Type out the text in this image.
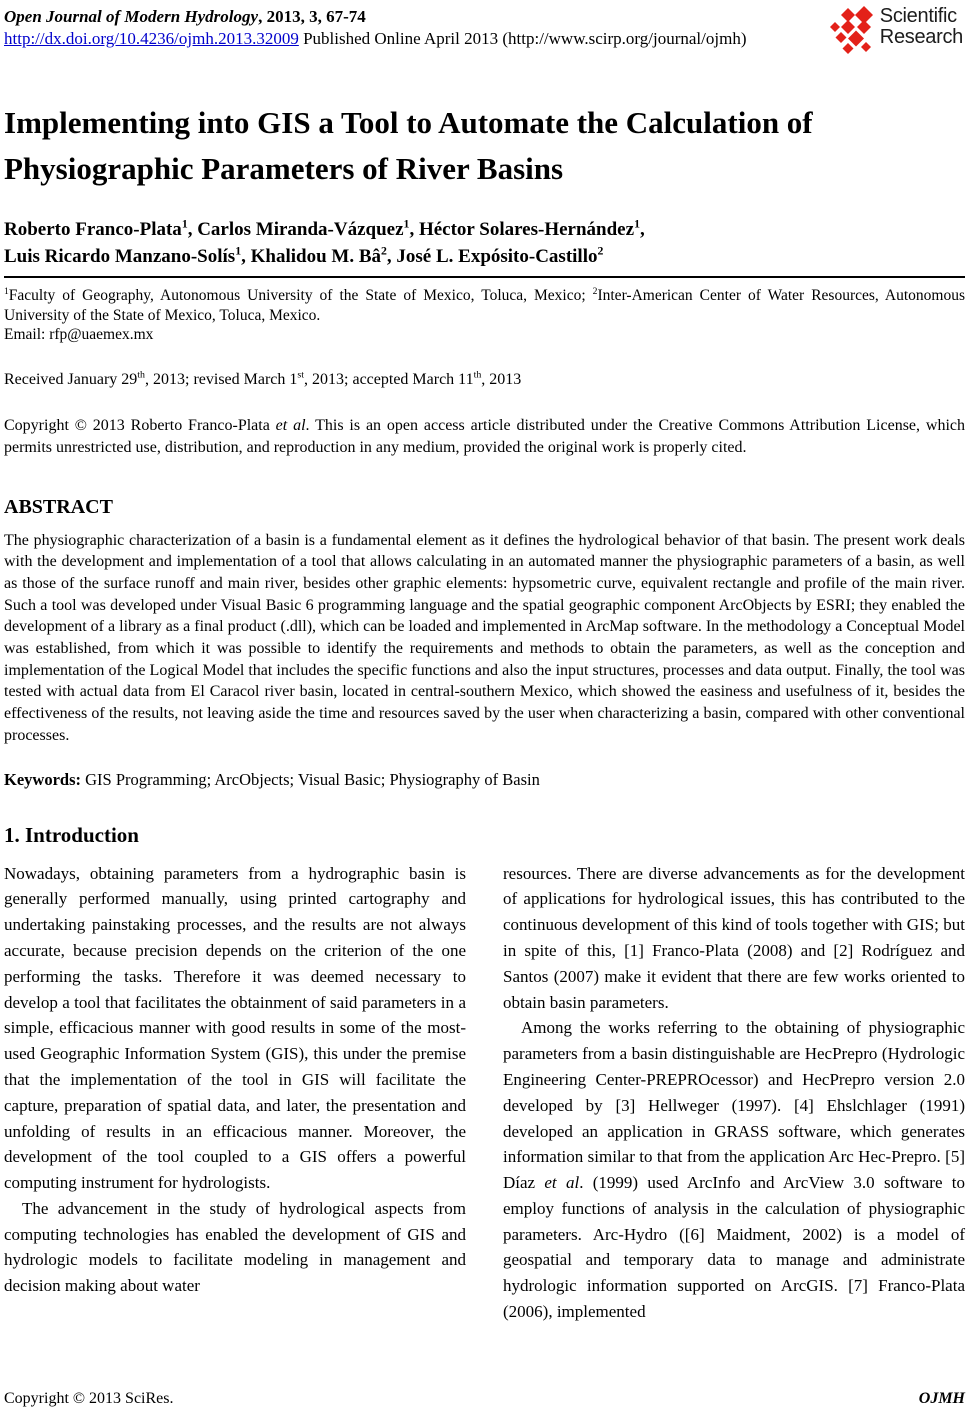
Open Journal of Modern Hydrology, 2013, 3, 67-74
http://dx.doi.org/10.4236/ojmh.2013.32009 Published Online April 2013 (http://www.scirp.org/journal/ojmh)
Scientific
Research
Implementing into GIS a Tool to Automate the Calculation of Physiographic Parameters of River Basins
Roberto Franco-Plata$^1$, Carlos Miranda-Vázquez$^1$, Héctor Solares-Hernández$^1$,
Luis Ricardo Manzano-Solís$^1$, Khalidou M. $Bâ^2$, José L. Expósito-Castillo$^2$
$^1$Faculty of Geography, Autonomous University of the State of Mexico, Toluca, Mexico; $^2$Inter-American Center of Water Resources, Autonomous University of the State of Mexico, Toluca, Mexico.
Email: rfp@uaemex.mx
Received January 29th, 2013; revised March 1st, 2013; accepted March 11th, 2013
Copyright © 2013 Roberto Franco-Plata et al. This is an open access article distributed under the Creative Commons Attribution License, which permits unrestricted use, distribution, and reproduction in any medium, provided the original work is properly cited.
ABSTRACT
The physiographic characterization of a basin is a fundamental element as it defines the hydrological behavior of that basin. The present work deals with the development and implementation of a tool that allows calculating in an automated manner the physiographic parameters of a basin, as well as those of the surface runoff and main river, besides other graphic elements: hypsometric curve, equivalent rectangle and profile of the main river. Such a tool was developed under Visual Basic 6 programming language and the spatial geographic component ArcObjects by ESRI; they enabled the development of a library as a final product (.dll), which can be loaded and implemented in ArcMap software. In the methodology a Conceptual Model was established, from which it was possible to identify the requirements and methods to obtain the parameters, as well as the conception and implementation of the Logical Model that includes the specific functions and also the input structures, processes and data output. Finally, the tool was tested with actual data from El Caracol river basin, located in central-southern Mexico, which showed the easiness and usefulness of it, besides the effectiveness of the results, not leaving aside the time and resources saved by the user when characterizing a basin, compared with other conventional processes.
Keywords: GIS Programming; ArcObjects; Visual Basic; Physiography of Basin
1. Introduction

Nowadays, obtaining parameters from a hydrographic basin is generally performed manually, using printed cartography and undertaking painstaking processes, and the results are not always accurate, because precision depends on the criterion of the one performing the tasks. Therefore it was deemed necessary to develop a tool that facilitates the obtainment of said parameters in a simple, efficacious manner with good results in some of the most-used Geographic Information System (GIS), this under the premise that the implementation of the tool in GIS will facilitate the capture, preparation of spatial data, and later, the presentation and unfolding of results in an efficacious manner. Moreover, the development of the tool coupled to a GIS offers a powerful computing instrument for hydrologists.

The advancement in the study of hydrological aspects from computing technologies has enabled the development of GIS and hydrologic models to facilitate modeling in management and decision making about water

resources. There are diverse advancements as for the development of applications for hydrological issues, this has contributed to the continuous development of this kind of tools together with GIS; but in spite of this, [1] Franco-Plata (2008) and [2] Rodríguez and Santos (2007) make it evident that there are few works oriented to obtain basin parameters.

Among the works referring to the obtaining of physiographic parameters from a basin distinguishable are HecPrepro (Hydrologic Engineering Center-PREPROcessor) and HecPrepro version 2.0 developed by [3] Hellweger (1997). [4] Ehslchlager (1991) developed an application in GRASS software, which generates information similar to that from the application Arc Hec-Prepro. [5] Díaz et al. (1999) used ArcInfo and ArcView 3.0 software to employ functions of analysis in the calculation of physiographic parameters. Arc-Hydro ([6] Maidment, 2002) is a model of geospatial and temporary data to manage and administrate hydrologic information supported on ArcGIS. [7] Franco-Plata (2006), implemented

Copyright © 2013 SciRes.	OJMH
